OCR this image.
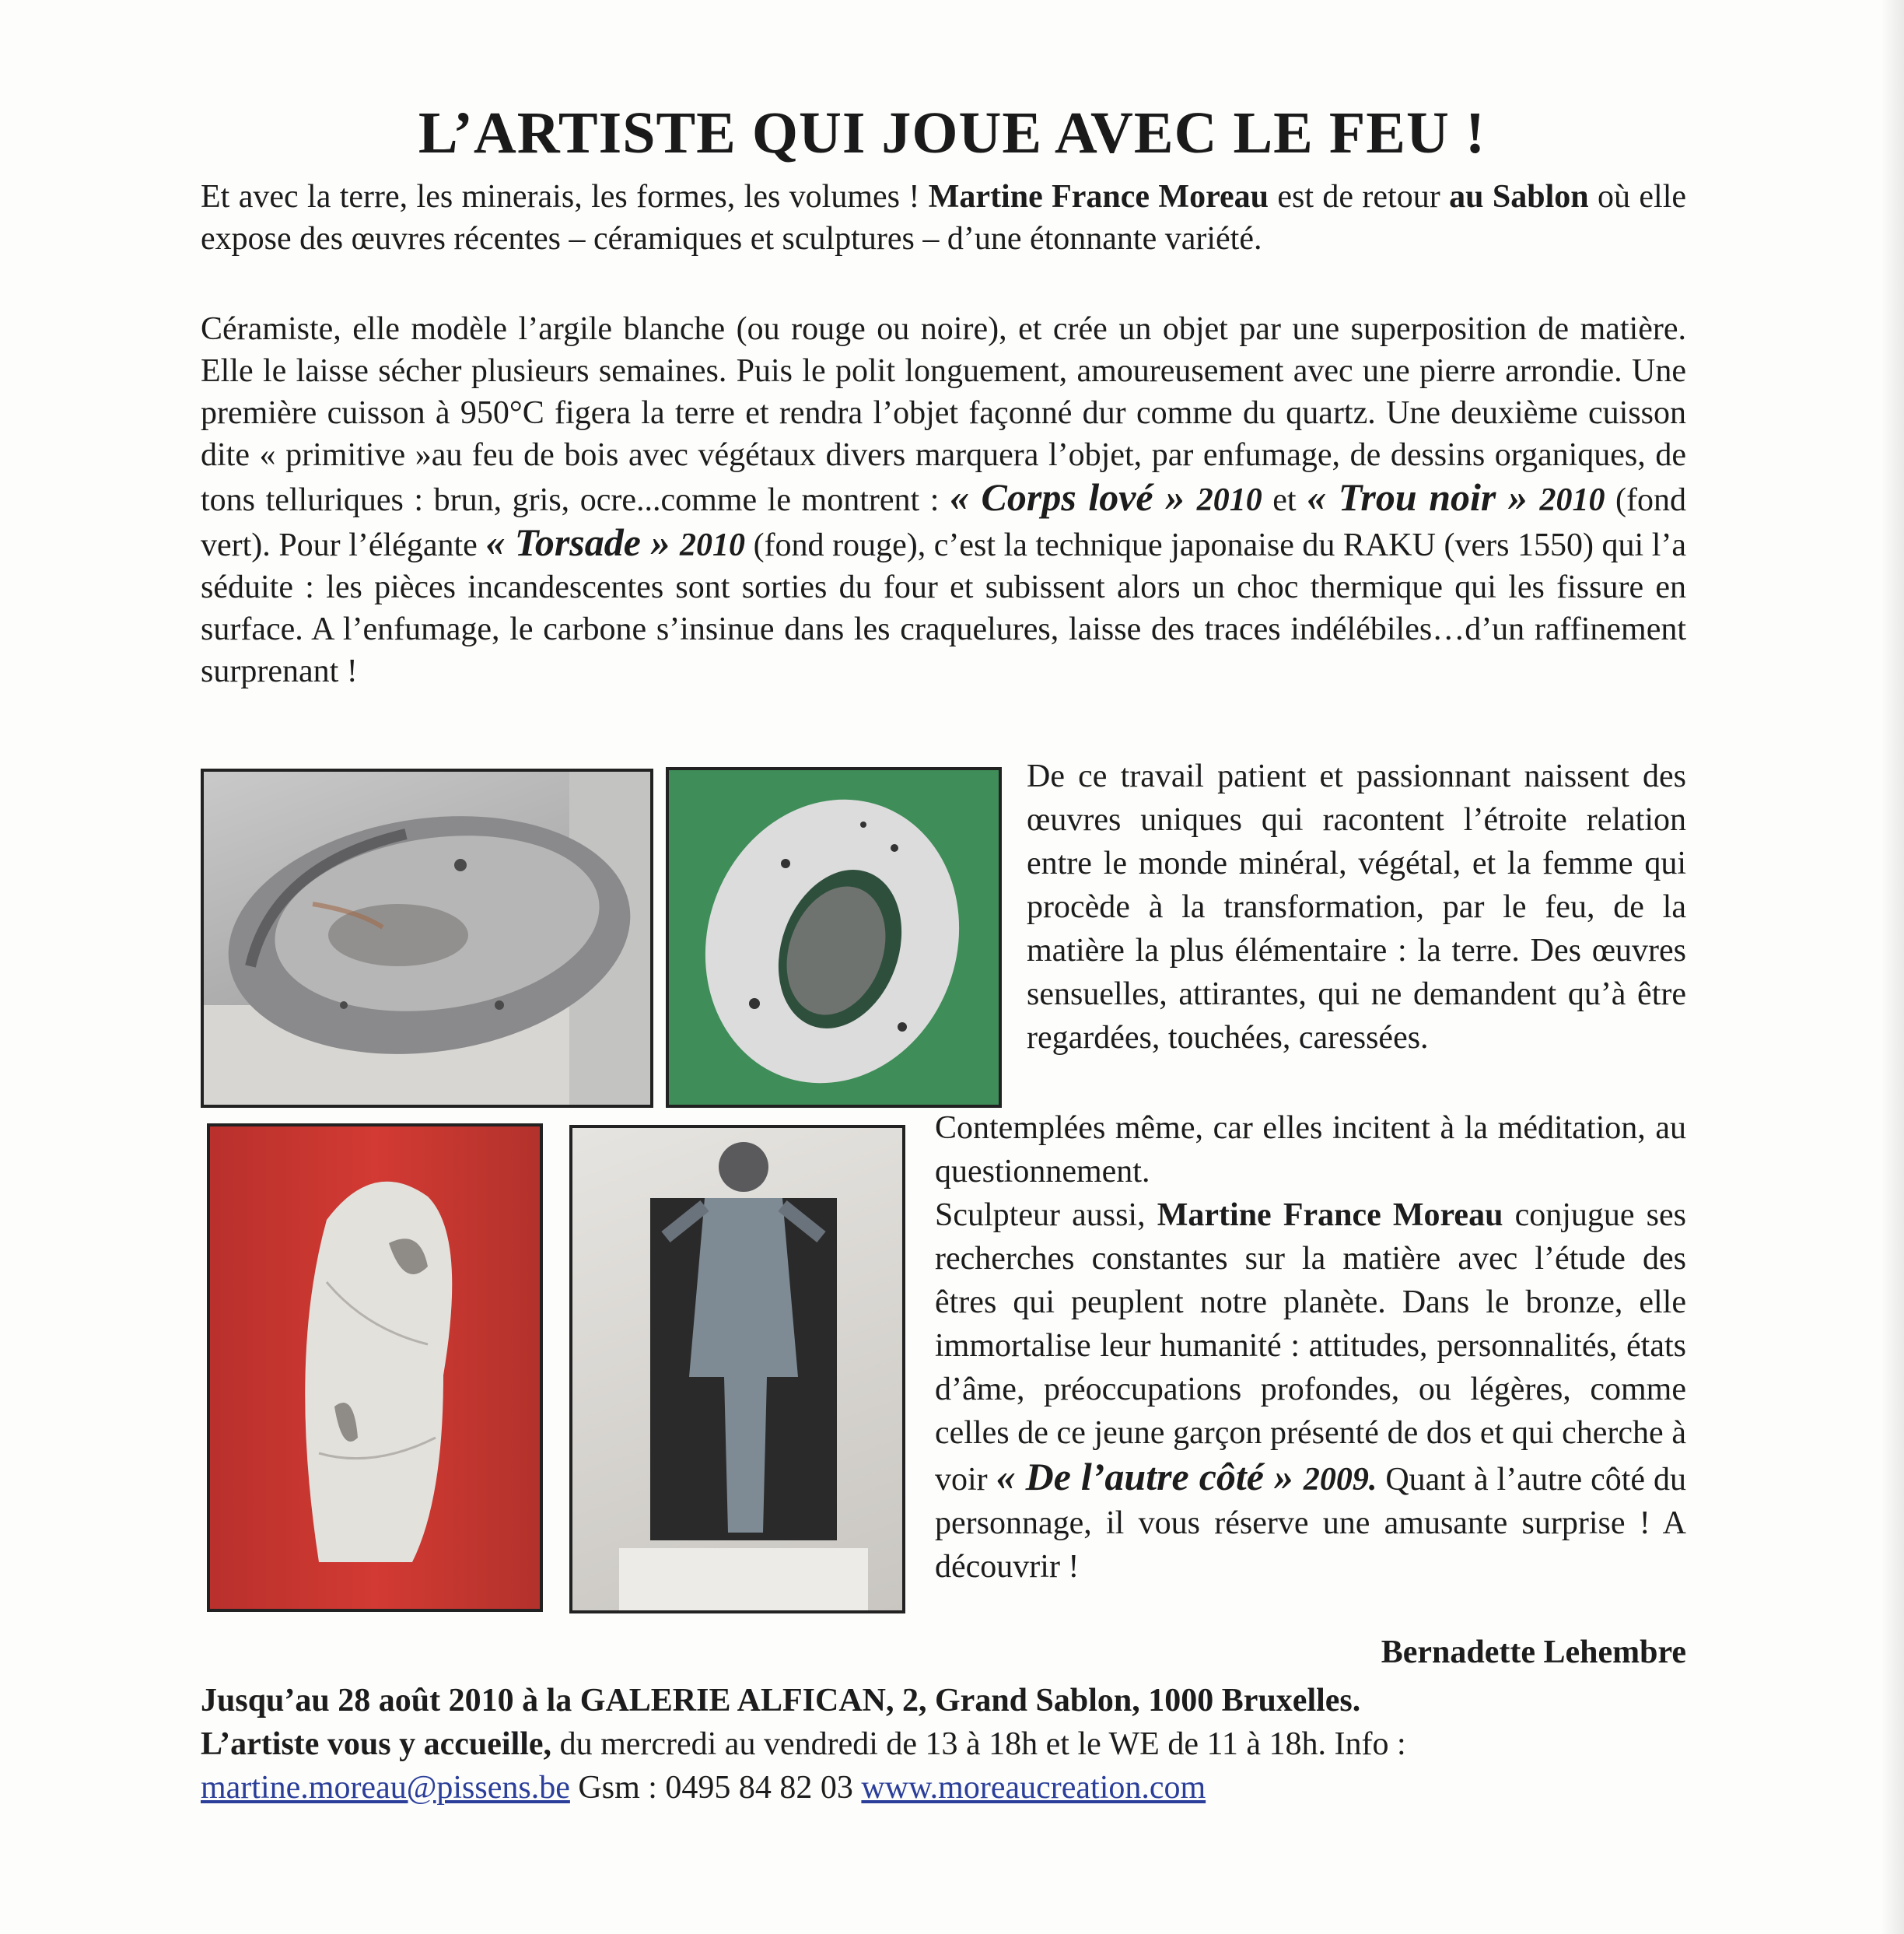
L’ARTISTE QUI JOUE AVEC LE FEU !
Et avec la terre, les minerais, les formes, les volumes ! Martine France Moreau est de retour au Sablon où elle expose des œuvres récentes – céramiques et sculptures – d’une étonnante variété.
Céramiste, elle modèle l’argile blanche (ou rouge ou noire), et crée un objet par une superposition de matière. Elle le laisse sécher plusieurs semaines. Puis le polit longuement, amoureusement avec une pierre arrondie. Une première cuisson à 950°C figera la terre et rendra l’objet façonné dur comme du quartz. Une deuxième cuisson dite « primitive »au feu de bois avec végétaux divers marquera l’objet, par enfumage, de dessins organiques, de tons telluriques : brun, gris, ocre...comme le montrent : « Corps lové » 2010 et « Trou noir » 2010 (fond vert). Pour l’élégante « Torsade » 2010 (fond rouge), c’est la technique japonaise du RAKU (vers 1550) qui l’a séduite : les pièces incandescentes sont sorties du four et subissent alors un choc thermique qui les fissure en surface. A l’enfumage, le carbone s’insinue dans les craquelures, laisse des traces indélébiles…d’un raffinement surprenant !
De ce travail patient et passionnant naissent des œuvres uniques qui racontent l’étroite relation entre le monde minéral, végétal, et la femme qui procède à la transformation, par le feu, de la matière la plus élémentaire : la terre. Des œuvres sensuelles, attirantes, qui ne demandent qu’à être regardées, touchées, caressées.
Contemplées même, car elles incitent à la méditation, au questionnement.
Sculpteur aussi, Martine France Moreau conjugue ses recherches constantes sur la matière avec l’étude des êtres qui peuplent notre planète. Dans le bronze, elle immortalise leur humanité : attitudes, personnalités, états d’âme, préoccupations profondes, ou légères, comme celles de ce jeune garçon présenté de dos et qui cherche à voir « De l’autre côté » 2009. Quant à l’autre côté du personnage, il vous réserve une amusante surprise ! A découvrir !
Bernadette Lehembre
Jusqu’au 28 août 2010 à la GALERIE ALFICAN, 2, Grand Sablon, 1000 Bruxelles.
L’artiste vous y accueille, du mercredi au vendredi de 13 à 18h et le WE de 11 à 18h. Info :
martine.moreau@pissens.be Gsm : 0495 84 82 03 www.moreaucreation.com
